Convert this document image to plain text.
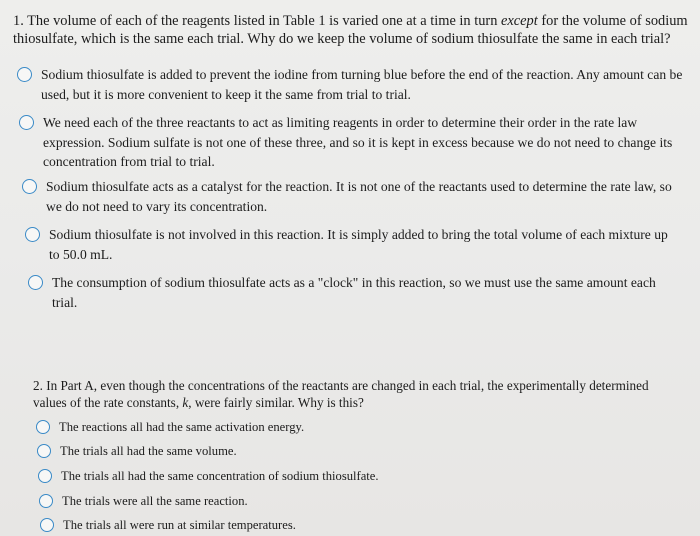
1. The volume of each of the reagents listed in Table 1 is varied one at a time in turn except for the volume of sodium thiosulfate, which is the same each trial. Why do we keep the volume of sodium thiosulfate the same in each trial?
Sodium thiosulfate is added to prevent the iodine from turning blue before the end of the reaction. Any amount can be used, but it is more convenient to keep it the same from trial to trial.
We need each of the three reactants to act as limiting reagents in order to determine their order in the rate law expression. Sodium sulfate is not one of these three, and so it is kept in excess because we do not need to change its concentration from trial to trial.
Sodium thiosulfate acts as a catalyst for the reaction. It is not one of the reactants used to determine the rate law, so we do not need to vary its concentration.
Sodium thiosulfate is not involved in this reaction. It is simply added to bring the total volume of each mixture up to 50.0 mL.
The consumption of sodium thiosulfate acts as a "clock" in this reaction, so we must use the same amount each trial.
2. In Part A, even though the concentrations of the reactants are changed in each trial, the experimentally determined values of the rate constants, k, were fairly similar. Why is this?
The reactions all had the same activation energy.
The trials all had the same volume.
The trials all had the same concentration of sodium thiosulfate.
The trials were all the same reaction.
The trials all were run at similar temperatures.
